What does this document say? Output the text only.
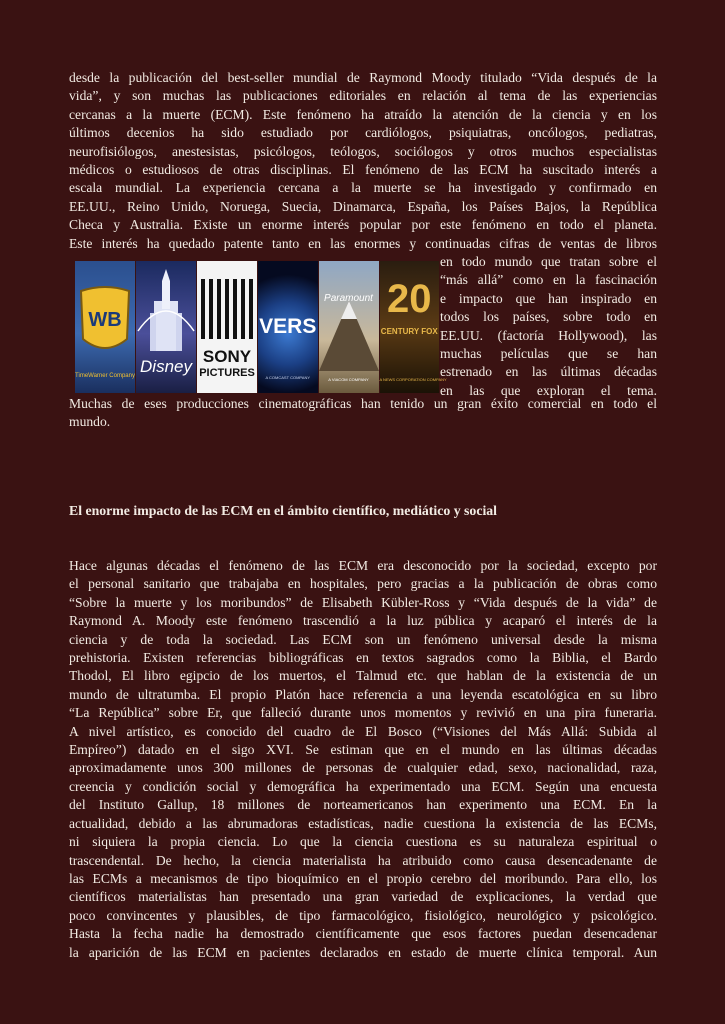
desde la publicación del best-seller mundial de Raymond Moody titulado “Vida después de la
vida”, y son muchas las publicaciones editoriales en relación al tema de las experiencias
cercanas a la muerte (ECM). Este fenómeno ha atraído la atención de la ciencia y en los
últimos decenios ha sido estudiado por cardiólogos, psiquiatras, oncólogos, pediatras,
neurofisiólogos, anestesistas, psicólogos, teólogos, sociólogos y otros muchos especialistas
médicos o estudiosos de otras disciplinas. El fenómeno de las ECM ha suscitado interés a
escala mundial. La experiencia cercana a la muerte se ha investigado y confirmado en
EE.UU., Reino Unido, Noruega, Suecia, Dinamarca, España, los Países Bajos, la República
Checa y Australia. Existe un enorme interés popular por este fenómeno en todo el planeta.
Este interés ha quedado patente tanto en las enormes y continuadas cifras de ventas de libros
WB
TimeWarner Company Disney
SONY
PICTURES
VERS
A COMCAST COMPANY
Paramount
A VIACOM COMPANY
20
CENTURY FOX
A NEWS CORPORATION COMPANY
en todo mundo que tratan sobre el
“más allá” como en la fascinación
e impacto que han inspirado en
todos los países, sobre todo en
EE.UU. (factoría Hollywood), las
muchas películas que se han
estrenado en las últimas décadas
en las que exploran el tema.
Muchas de eses producciones cinematográficas han tenido un gran éxito comercial en todo el
mundo.
El enorme impacto de las ECM en el ámbito científico, mediático y social
Hace algunas décadas el fenómeno de las ECM era desconocido por la sociedad, excepto por
el personal sanitario que trabajaba en hospitales, pero gracias a la publicación de obras como
“Sobre la muerte y los moribundos” de Elisabeth Kübler-Ross y “Vida después de la vida” de
Raymond A. Moody este fenómeno trascendió a la luz pública y acaparó el interés de la
ciencia y de toda la sociedad. Las ECM son un fenómeno universal desde la misma
prehistoria. Existen referencias bibliográficas en textos sagrados como la Biblia, el Bardo
Thodol, El libro egipcio de los muertos, el Talmud etc. que hablan de la existencia de un
mundo de ultratumba. El propio Platón hace referencia a una leyenda escatológica en su libro
“La República” sobre Er, que falleció durante unos momentos y revivió en una pira funeraria.
A nivel artístico, es conocido del cuadro de El Bosco (“Visiones del Más Allá: Subida al
Empíreo”) datado en el sigo XVI. Se estiman que en el mundo en las últimas décadas
aproximadamente unos 300 millones de personas de cualquier edad, sexo, nacionalidad, raza,
creencia y condición social y demográfica ha experimentado una ECM. Según una encuesta
del Instituto Gallup, 18 millones de norteamericanos han experimento una ECM. En la
actualidad, debido a las abrumadoras estadísticas, nadie cuestiona la existencia de las ECMs,
ni siquiera la propia ciencia. Lo que la ciencia cuestiona es su naturaleza espiritual o
trascendental. De hecho, la ciencia materialista ha atribuido como causa desencadenante de
las ECMs a mecanismos de tipo bioquímico en el propio cerebro del moribundo. Para ello, los
científicos materialistas han presentado una gran variedad de explicaciones, la verdad que
poco convincentes y plausibles, de tipo farmacológico, fisiológico, neurológico y psicológico.
Hasta la fecha nadie ha demostrado científicamente que esos factores puedan desencadenar
la aparición de las ECM en pacientes declarados en estado de muerte clínica temporal. Aun
